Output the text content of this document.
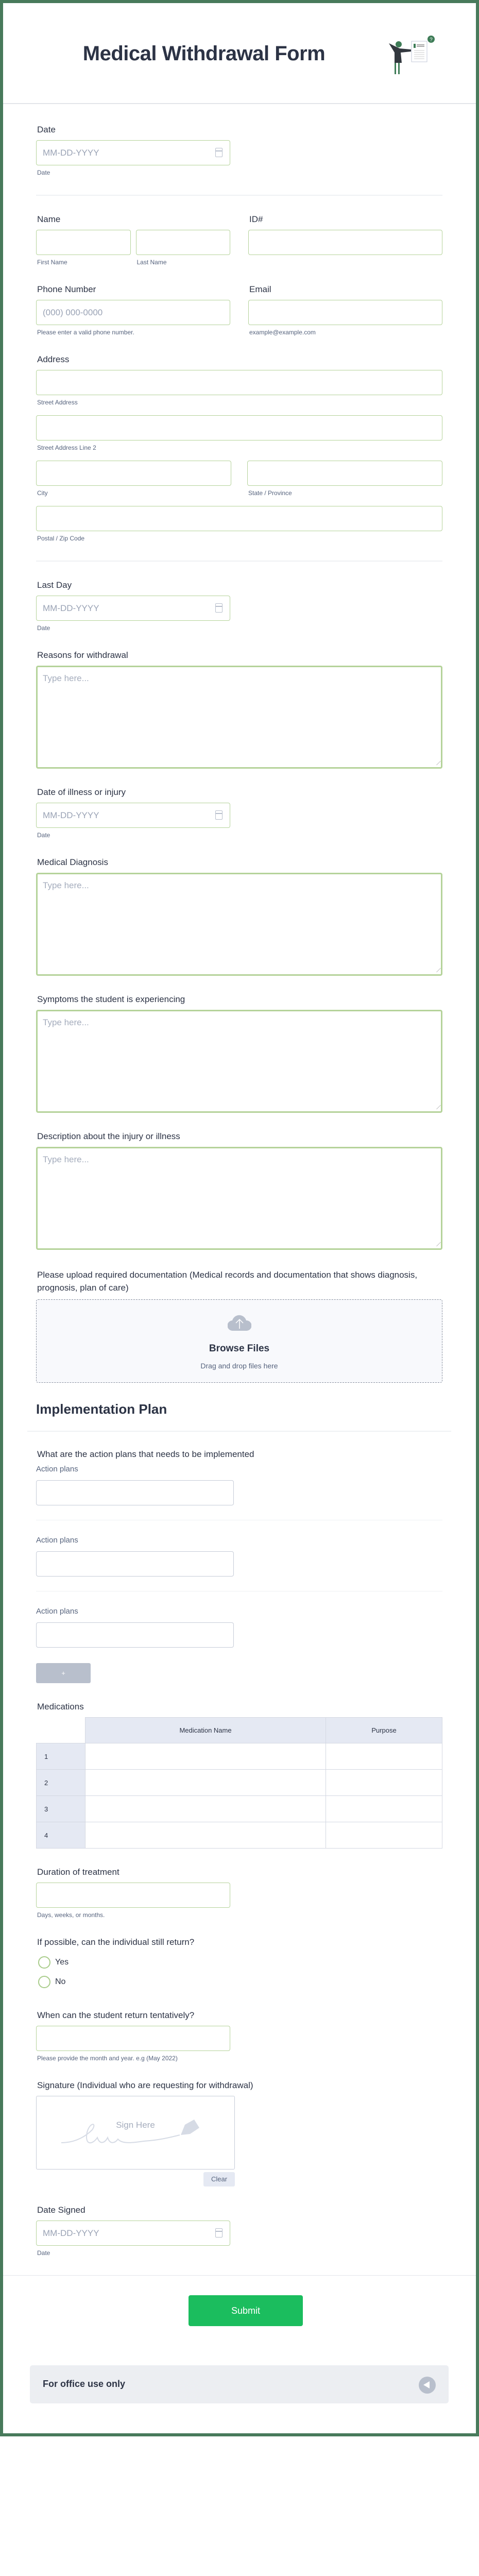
Medical Withdrawal Form
?
Date
MM-DD-YYYY
Date
Name
First Name	Last Name
ID#
Phone Number
(000) 000-0000
Please enter a valid phone number.
Email
example@example.com
Address
Street Address
Street Address Line 2
City	State / Province
Postal / Zip Code
Last Day
MM-DD-YYYY
Date
Reasons for withdrawal
Type here...
Date of illness or injury
MM-DD-YYYY
Date
Medical Diagnosis
Type here...
Symptoms the student is experiencing
Type here...
Description about the injury or illness
Type here...
Please upload required documentation (Medical records and documentation that shows diagnosis, prognosis, plan of care)
Browse Files
Drag and drop files here
Implementation Plan
What are the action plans that needs to be implemented
Action plans
Action plans
Action plans
+
Medications
	Medication Name	Purpose
1		
2		
3		
4		
Duration of treatment
Days, weeks, or months.
If possible, can the individual still return?
Yes
No
When can the student return tentatively?
Please provide the month and year. e.g (May 2022)
Signature (Individual who are requesting for withdrawal)
Sign Here
Clear
Date Signed
MM-DD-YYYY
Date
Submit
For office use only
